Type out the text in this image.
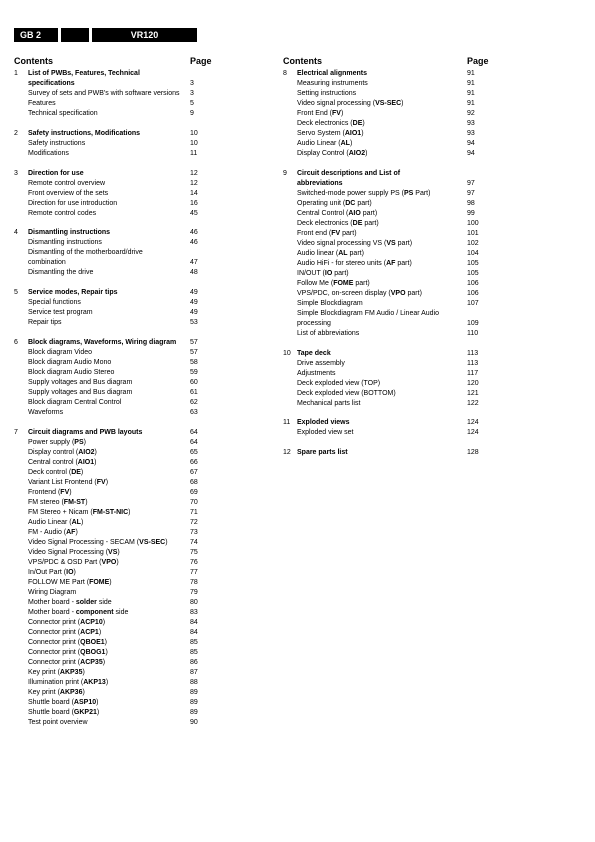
GB 2	VR120
Contents	Page
1	List of PWBs, Features, Technical
specifications	3
Survey of sets and PWB's with software versions	3
Features	5
Technical specification	9
2	Safety instructions, Modifications	10
Safety instructions	10
Modifications	11
3	Direction for use	12
Remote control overview	12
Front overview of the sets	14
Direction for use introduction	16
Remote control codes	45
4	Dismantling instructions	46
Dismantling instructions	46
Dismantling of the motherboard/drive
combination	47
Dismantling the drive	48
5	Service modes, Repair tips	49
Special functions	49
Service test program	49
Repair tips	53
6	Block diagrams, Waveforms, Wiring diagram	57
Block diagram Video	57
Block diagram Audio Mono	58
Block diagram Audio Stereo	59
Supply voltages and Bus diagram	60
Supply voltages and Bus diagram	61
Block diagram Central Control	62
Waveforms	63
7	Circuit diagrams and PWB layouts	64
Power supply (PS)	64
Display control (AIO2)	65
Central control (AIO1)	66
Deck control (DE)	67
Variant List Frontend (FV)	68
Frontend (FV)	69
FM stereo (FM-ST)	70
FM Stereo + Nicam (FM-ST-NIC)	71
Audio Linear (AL)	72
FM - Audio (AF)	73
Video Signal Processing - SECAM (VS-SEC)	74
Video Signal Processing (VS)	75
VPS/PDC & OSD Part (VPO)	76
In/Out Part (IO)	77
FOLLOW ME Part (FOME)	78
Wiring Diagram	79
Mother board - solder side	80
Mother board - component side	83
Connector print (ACP10)	84
Connector print (ACP1)	84
Connector print (QBOE1)	85
Connector print (QBOG1)	85
Connector print (ACP35)	86
Key print (AKP35)	87
Illumination print (AKP13)	88
Key print (AKP36)	89
Shuttle board (ASP10)	89
Shuttle board (GKP21)	89
Test point overview	90
Contents	Page
8	Electrical alignments	91
Measuring instruments	91
Setting instructions	91
Video signal processing (VS-SEC)	91
Front End (FV)	92
Deck electronics (DE)	93
Servo System (AIO1)	93
Audio Linear (AL)	94
Display Control (AIO2)	94
9	Circuit descriptions and List of
abbreviations	97
Switched-mode power supply PS (PS Part)	97
Operating unit (DC part)	98
Central Control (AIO part)	99
Deck electronics (DE part)	100
Front end (FV part)	101
Video signal processing VS (VS part)	102
Audio linear (AL part)	104
Audio HiFi - for stereo units (AF part)	105
IN/OUT (IO part)	105
Follow Me (FOME part)	106
VPS/PDC, on-screen display (VPO part)	106
Simple Blockdiagram	107
Simple Blockdiagram FM Audio / Linear Audio
processing	109
List of abbreviations	110
10 Tape deck	113
Drive assembly	113
Adjustments	117
Deck exploded view (TOP)	120
Deck exploded view (BOTTOM)	121
Mechanical parts list	122
11 Exploded views	124
Exploded view set	124
12 Spare parts list	128
